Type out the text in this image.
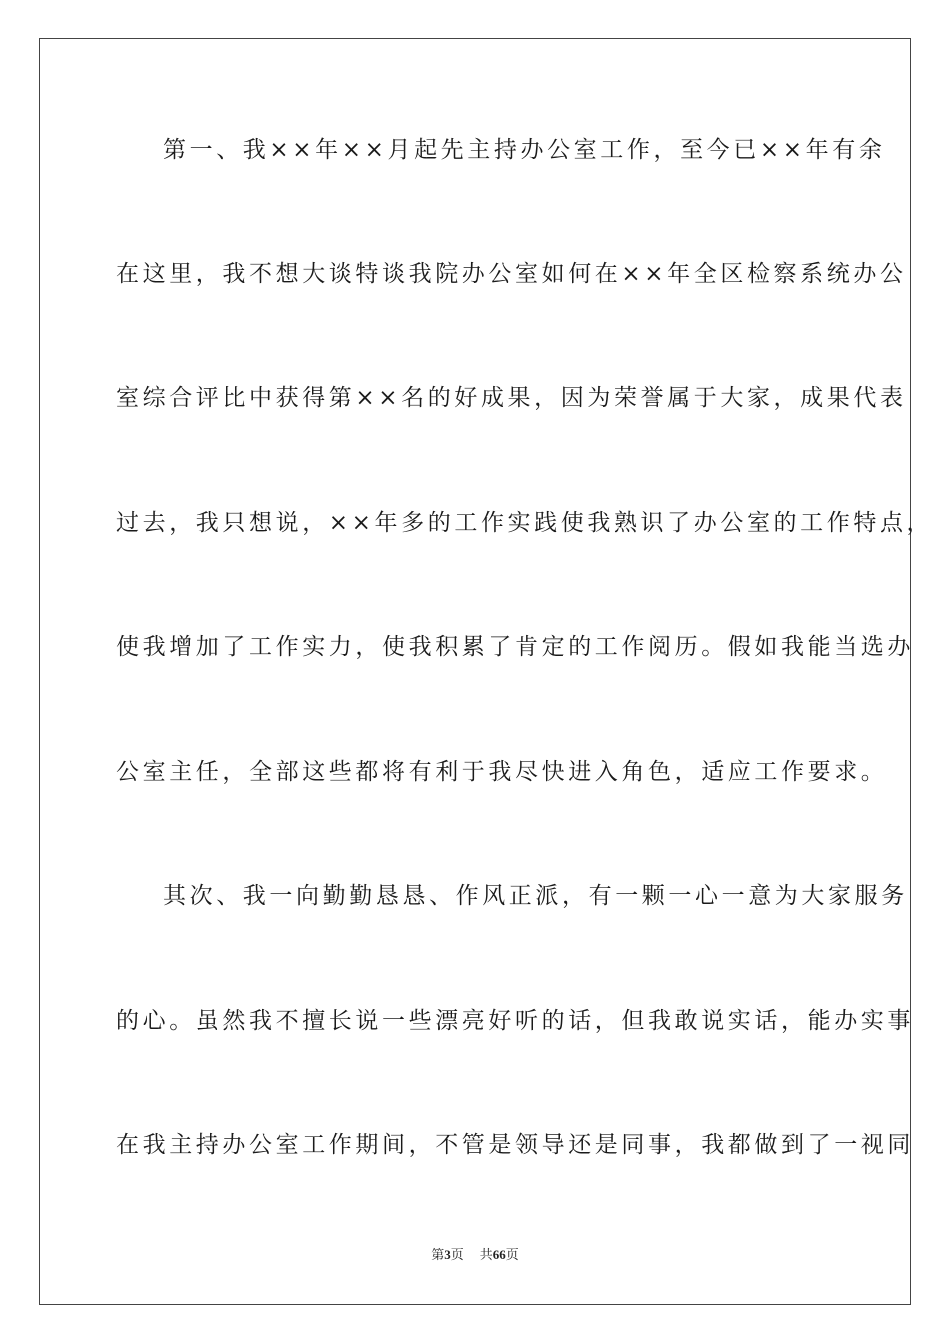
第一、我××年××月起先主持办公室工作，至今已××年有余
在这里，我不想大谈特谈我院办公室如何在××年全区检察系统办公
室综合评比中获得第××名的好成果，因为荣誉属于大家，成果代表
过去，我只想说，××年多的工作实践使我熟识了办公室的工作特点，
使我增加了工作实力，使我积累了肯定的工作阅历。假如我能当选办
公室主任，全部这些都将有利于我尽快进入角色，适应工作要求。
其次、我一向勤勤恳恳、作风正派，有一颗一心一意为大家服务
的心。虽然我不擅长说一些漂亮好听的话，但我敢说实话，能办实事
在我主持办公室工作期间，不管是领导还是同事，我都做到了一视同
第3页 共66页
